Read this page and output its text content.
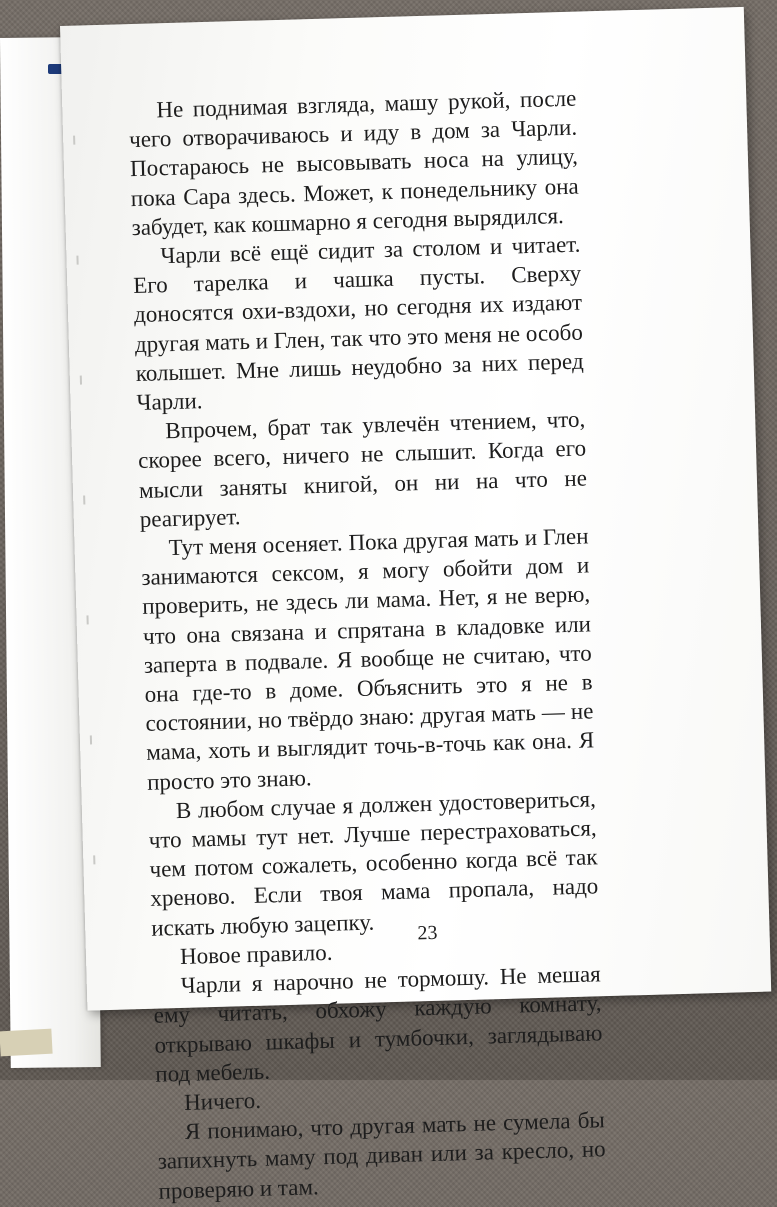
Не поднимая взгляда, машу рукой, после чего отворачиваюсь и иду в дом за Чарли. Постараюсь не высовывать носа на улицу, пока Сара здесь. Может, к понедельнику она забудет, как кошмарно я сегодня вырядился.

Чарли всё ещё сидит за столом и читает. Его тарелка и чашка пусты. Сверху доносятся охи-вздохи, но сегодня их издают другая мать и Глен, так что это меня не особо колышет. Мне лишь неудобно за них перед Чарли.

Впрочем, брат так увлечён чтением, что, скорее всего, ничего не слышит. Когда его мысли заняты книгой, он ни на что не реагирует.

Тут меня осеняет. Пока другая мать и Глен занимаются сексом, я могу обойти дом и проверить, не здесь ли мама. Нет, я не верю, что она связана и спрятана в кладовке или заперта в подвале. Я вообще не считаю, что она где-то в доме. Объяснить это я не в состоянии, но твёрдо знаю: другая мать — не мама, хоть и выглядит точь-в-точь как она. Я просто это знаю.

В любом случае я должен удостовериться, что мамы тут нет. Лучше перестраховаться, чем потом сожалеть, особенно когда всё так хреново. Если твоя мама пропала, надо искать любую зацепку.

Новое правило.

Чарли я нарочно не тормошу. Не мешая ему читать, обхожу каждую комнату, открываю шкафы и тумбочки, заглядываю под мебель.

Ничего.

Я понимаю, что другая мать не сумела бы запихнуть маму под диван или за кресло, но проверяю и там.

23
